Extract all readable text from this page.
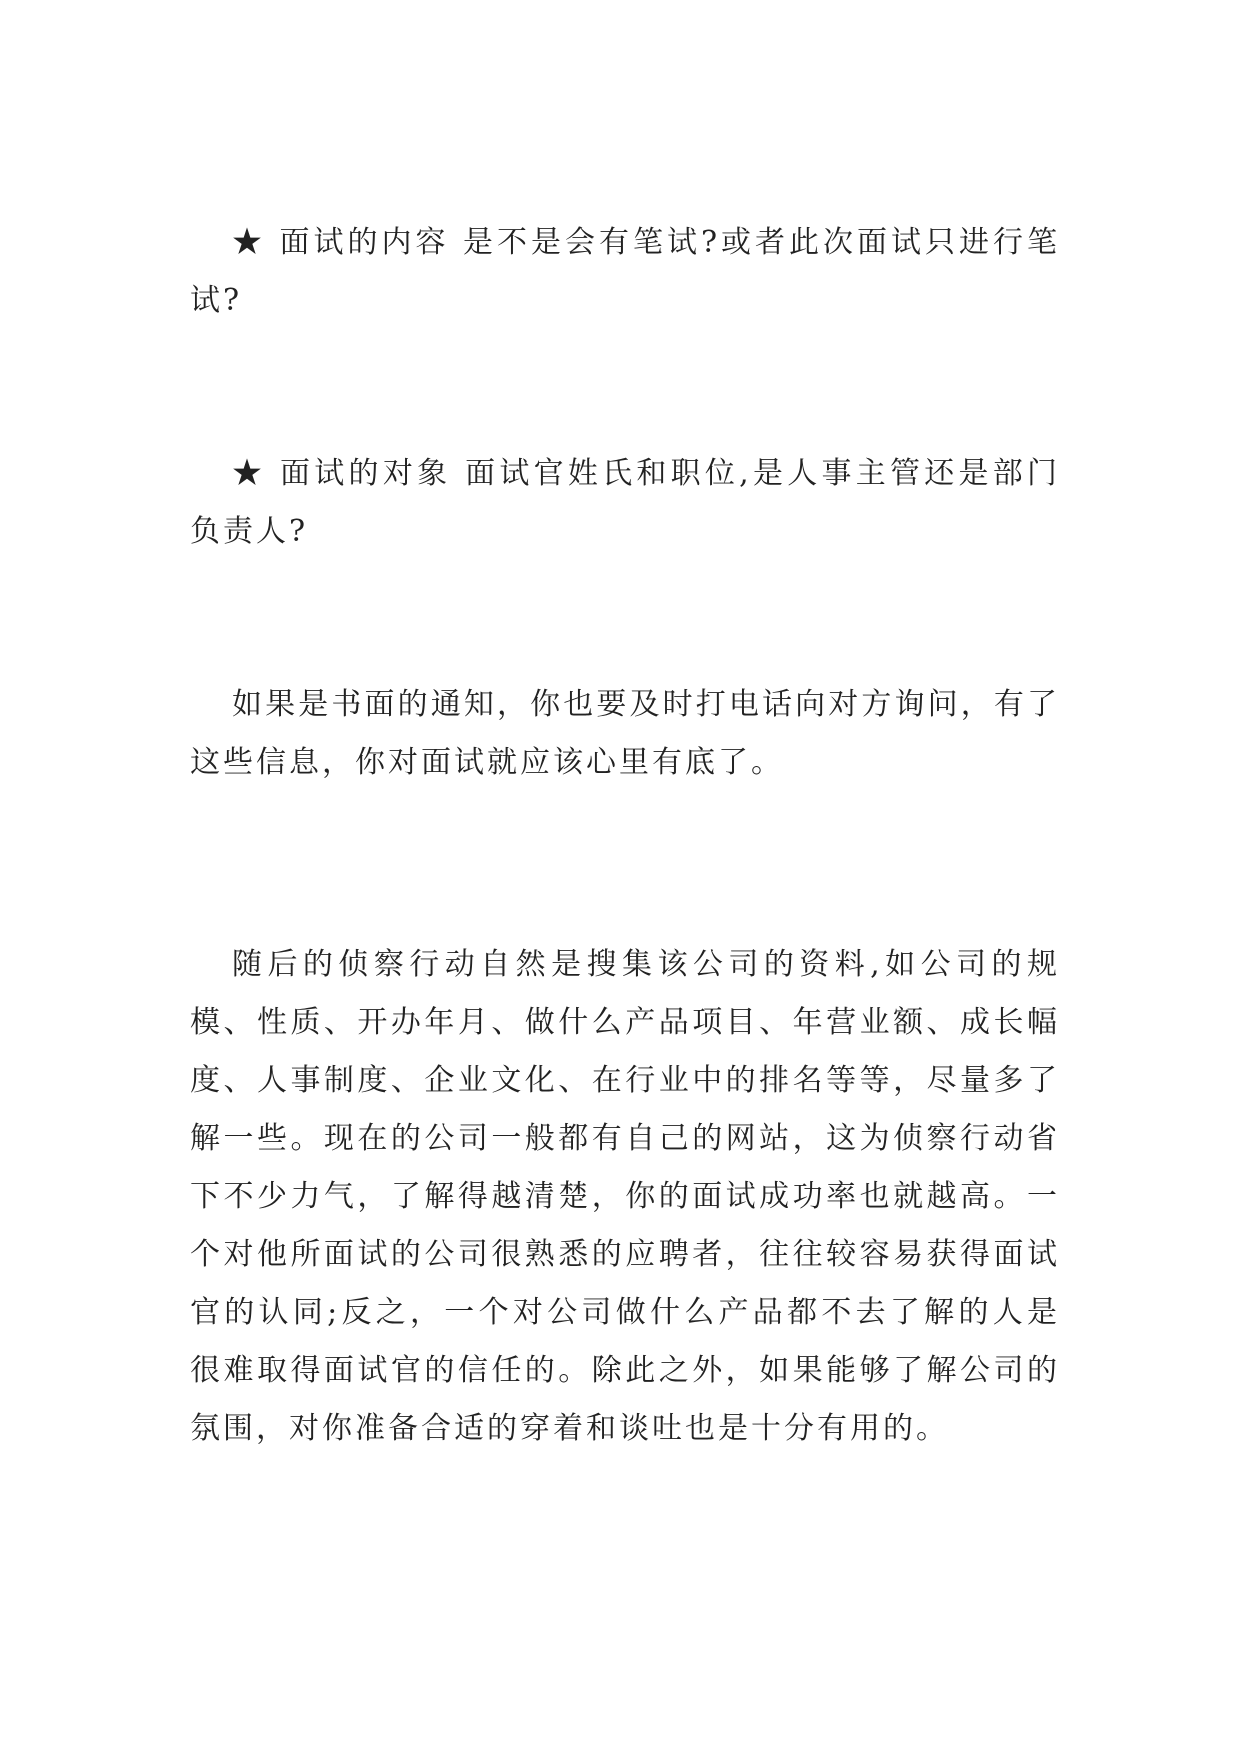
★ 面试的内容 是不是会有笔试?或者此次面试只进行笔试?

★ 面试的对象 面试官姓氏和职位,是人事主管还是部门负责人?

如果是书面的通知，你也要及时打电话向对方询问，有了这些信息，你对面试就应该心里有底了。

随后的侦察行动自然是搜集该公司的资料,如公司的规模、性质、开办年月、做什么产品项目、年营业额、成长幅度、人事制度、企业文化、在行业中的排名等等，尽量多了解一些。现在的公司一般都有自己的网站，这为侦察行动省下不少力气，了解得越清楚，你的面试成功率也就越高。一个对他所面试的公司很熟悉的应聘者，往往较容易获得面试官的认同;反之，一个对公司做什么产品都不去了解的人是很难取得面试官的信任的。除此之外，如果能够了解公司的氛围，对你准备合适的穿着和谈吐也是十分有用的。
